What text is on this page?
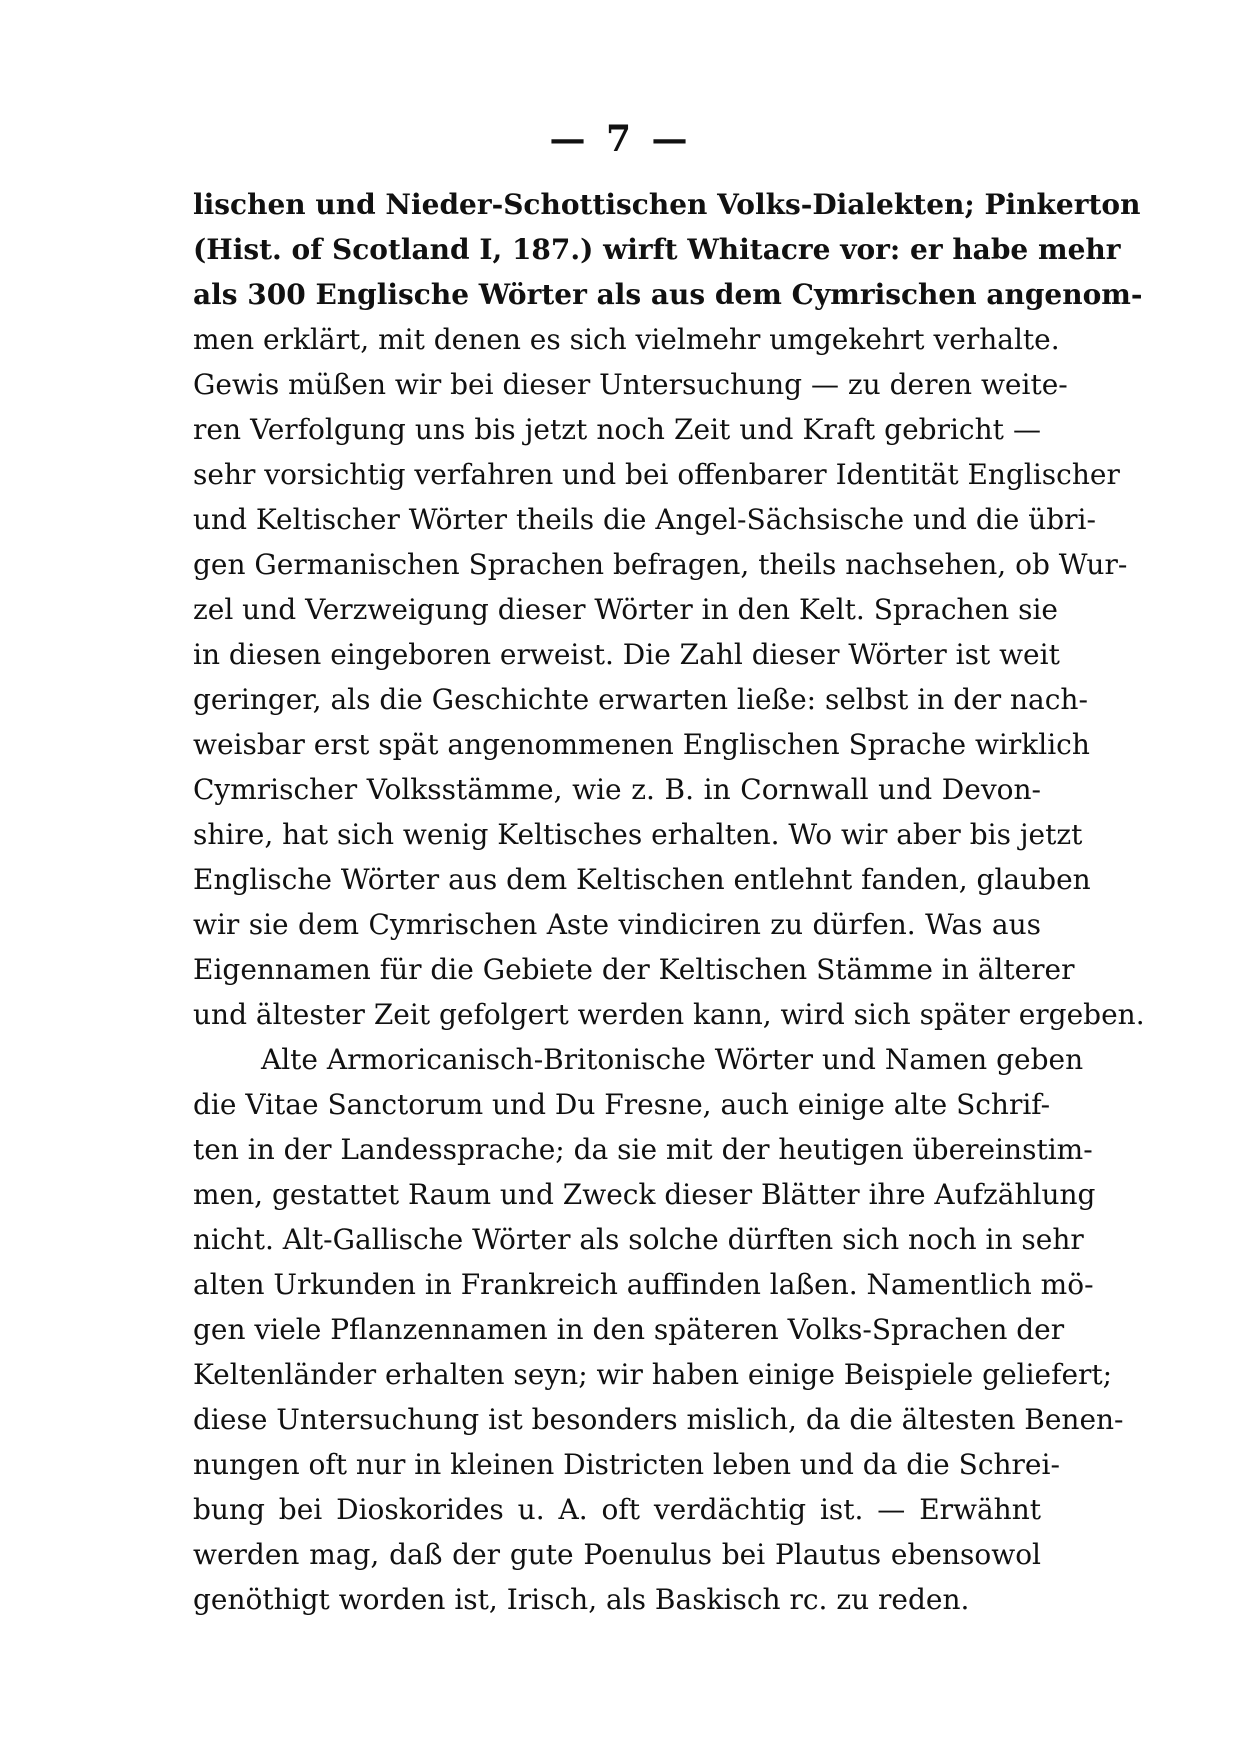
— 7 —
lischen und Nieder-Schottischen Volks-Dialekten; Pinkerton
(Hist. of Scotland I, 187.) wirft Whitacre vor: er habe mehr
als 300 Englische Wörter als aus dem Cymrischen angenom-
men erklärt, mit denen es sich vielmehr umgekehrt verhalte.
Gewis müßen wir bei dieser Untersuchung — zu deren weite-
ren Verfolgung uns bis jetzt noch Zeit und Kraft gebricht —
sehr vorsichtig verfahren und bei offenbarer Identität Englischer
und Keltischer Wörter theils die Angel-Sächsische und die übri-
gen Germanischen Sprachen befragen, theils nachsehen, ob Wur-
zel und Verzweigung dieser Wörter in den Kelt. Sprachen sie
in diesen eingeboren erweist. Die Zahl dieser Wörter ist weit
geringer, als die Geschichte erwarten ließe: selbst in der nach-
weisbar erst spät angenommenen Englischen Sprache wirklich
Cymrischer Volksstämme, wie z. B. in Cornwall und Devon-
shire, hat sich wenig Keltisches erhalten. Wo wir aber bis jetzt
Englische Wörter aus dem Keltischen entlehnt fanden, glauben
wir sie dem Cymrischen Aste vindiciren zu dürfen. Was aus
Eigennamen für die Gebiete der Keltischen Stämme in älterer
und ältester Zeit gefolgert werden kann, wird sich später ergeben.
Alte Armoricanisch-Britonische Wörter und Namen geben
die Vitae Sanctorum und Du Fresne, auch einige alte Schrif-
ten in der Landessprache; da sie mit der heutigen übereinstim-
men, gestattet Raum und Zweck dieser Blätter ihre Aufzählung
nicht. Alt-Gallische Wörter als solche dürften sich noch in sehr
alten Urkunden in Frankreich auffinden laßen. Namentlich mö-
gen viele Pflanzennamen in den späteren Volks-Sprachen der
Keltenländer erhalten seyn; wir haben einige Beispiele geliefert;
diese Untersuchung ist besonders mislich, da die ältesten Benen-
nungen oft nur in kleinen Districten leben und da die Schrei-
bung bei Dioskorides u. A. oft verdächtig ist. — Erwähnt
werden mag, daß der gute Poenulus bei Plautus ebensowol
genöthigt worden ist, Irisch, als Baskisch rc. zu reden.
